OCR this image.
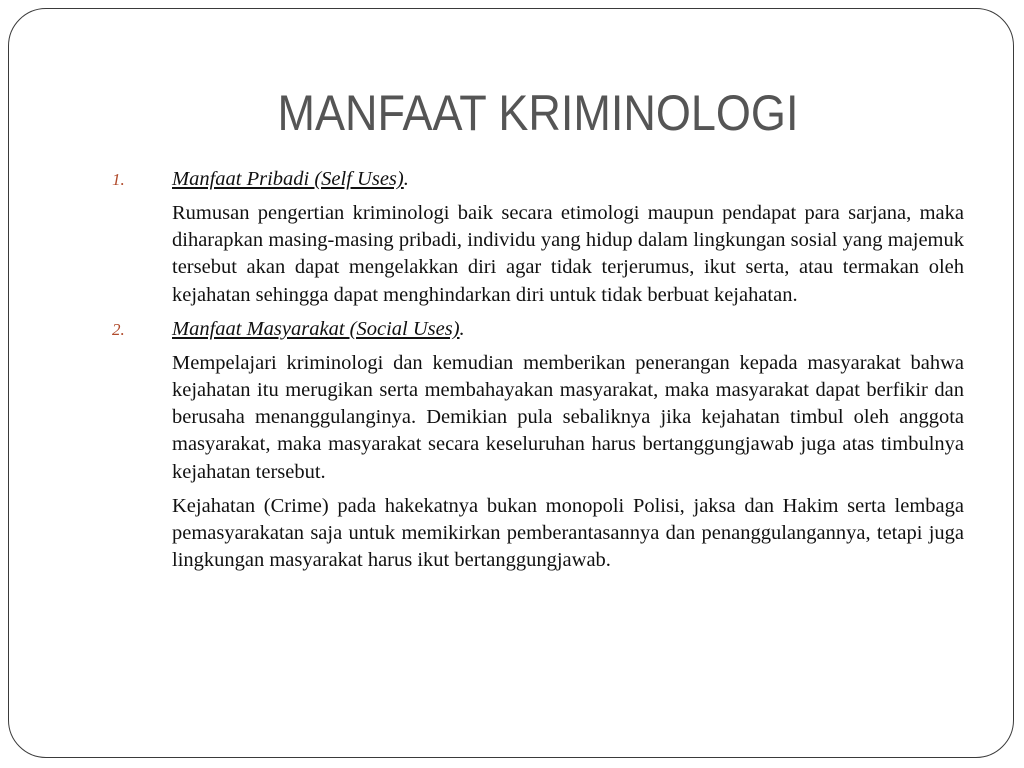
MANFAAT KRIMINOLOGI
1.	Manfaat Pribadi (Self Uses).
Rumusan pengertian kriminologi baik secara etimologi maupun pendapat para sarjana, maka diharapkan masing-masing pribadi, individu yang hidup dalam lingkungan sosial yang majemuk tersebut akan dapat mengelakkan diri agar tidak terjerumus, ikut serta, atau termakan oleh kejahatan sehingga dapat menghindarkan diri untuk tidak berbuat kejahatan.
2.	Manfaat Masyarakat (Social Uses).
Mempelajari kriminologi dan kemudian memberikan penerangan kepada masyarakat bahwa kejahatan itu merugikan serta membahayakan masyarakat, maka masyarakat dapat berfikir dan berusaha menanggulanginya. Demikian pula sebaliknya jika kejahatan timbul oleh anggota masyarakat, maka masyarakat secara keseluruhan harus bertanggungjawab juga atas timbulnya kejahatan tersebut.
Kejahatan (Crime) pada hakekatnya bukan monopoli Polisi, jaksa dan Hakim serta lembaga pemasyarakatan saja untuk memikirkan pemberantasannya dan penanggulangannya, tetapi juga lingkungan masyarakat harus ikut bertanggungjawab.
